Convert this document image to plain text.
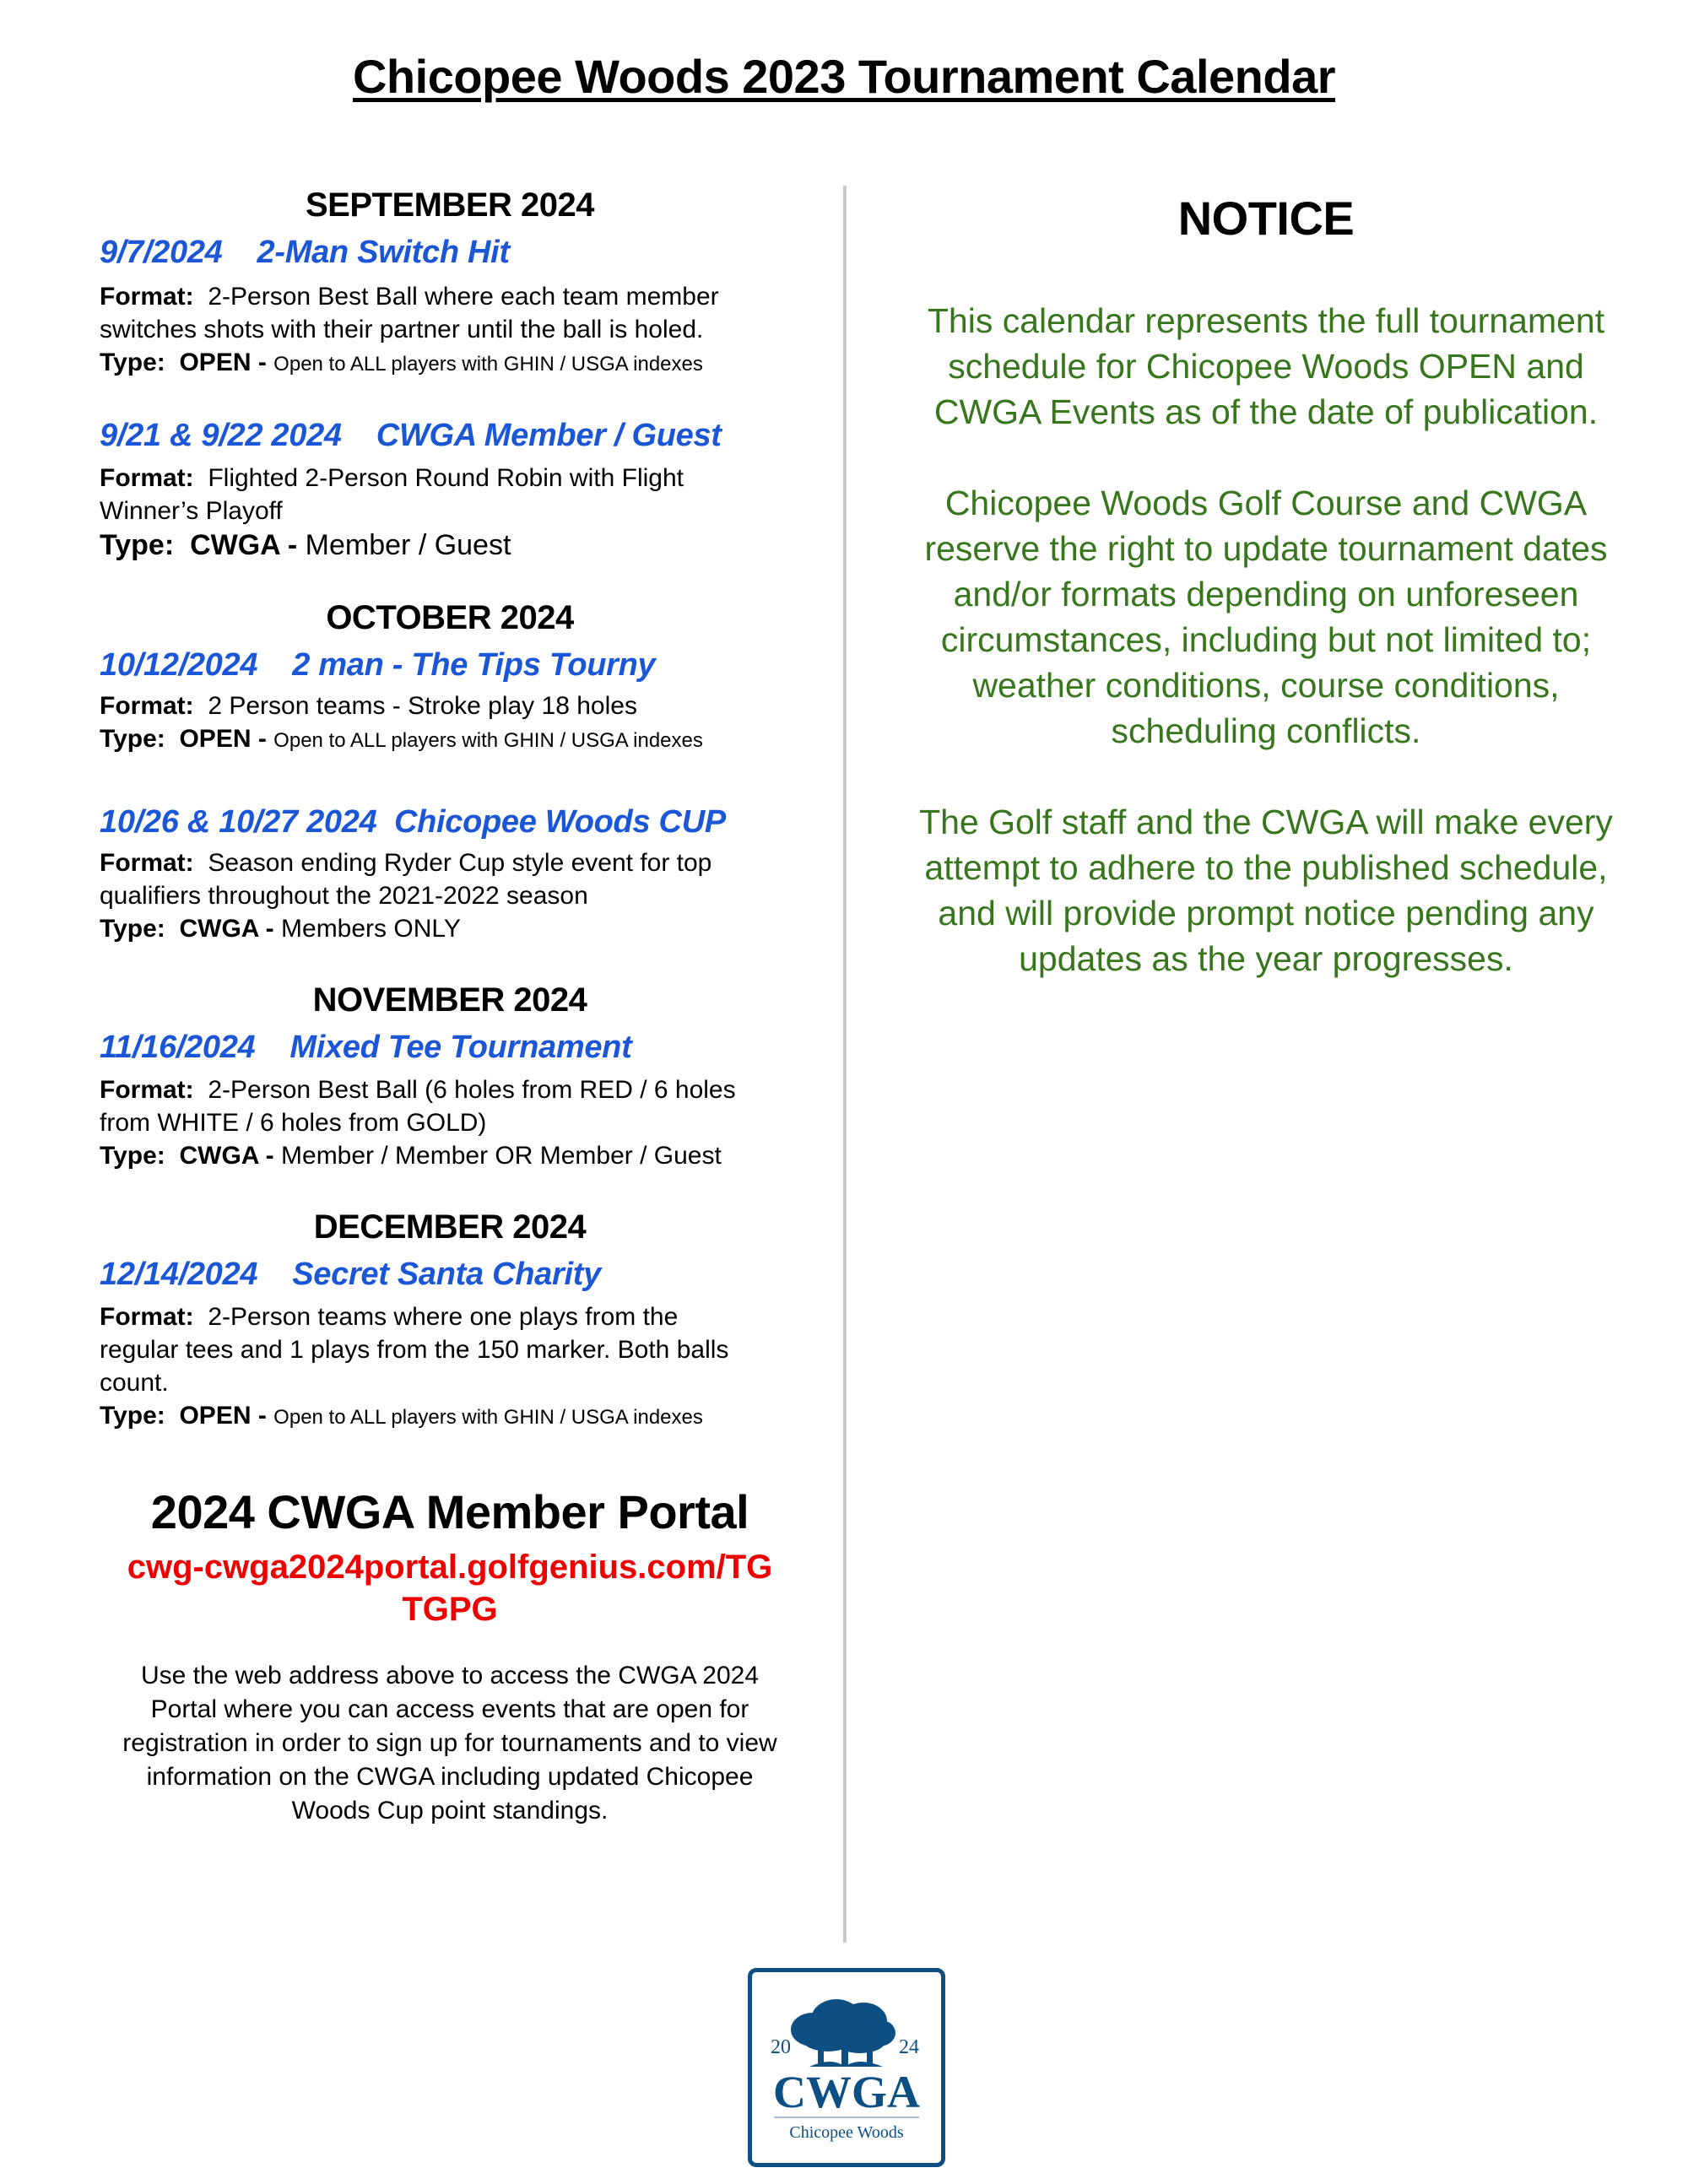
Chicopee Woods 2023 Tournament Calendar
SEPTEMBER 2024
9/7/2024    2-Man Switch Hit
Format: 2-Person Best Ball where each team member
switches shots with their partner until the ball is holed.
Type: OPEN - Open to ALL players with GHIN / USGA indexes
9/21 & 9/22 2024    CWGA Member / Guest
Format: Flighted 2-Person Round Robin with Flight
Winner’s Playoff
Type: CWGA - Member / Guest
OCTOBER 2024
10/12/2024    2 man - The Tips Tourny
Format: 2 Person teams - Stroke play 18 holes
Type: OPEN - Open to ALL players with GHIN / USGA indexes
10/26 & 10/27 2024  Chicopee Woods CUP
Format: Season ending Ryder Cup style event for top
qualifiers throughout the 2021-2022 season
Type: CWGA - Members ONLY
NOVEMBER 2024
11/16/2024    Mixed Tee Tournament
Format: 2-Person Best Ball (6 holes from RED / 6 holes
from WHITE / 6 holes from GOLD)
Type: CWGA - Member / Member OR Member / Guest
DECEMBER 2024
12/14/2024    Secret Santa Charity
Format: 2-Person teams where one plays from the
regular tees and 1 plays from the 150 marker. Both balls
count.
Type: OPEN - Open to ALL players with GHIN / USGA indexes
2024 CWGA Member Portal
cwg-cwga2024portal.golfgenius.com/TG
TGPG
Use the web address above to access the CWGA 2024 Portal where you can access events that are open for registration in order to sign up for tournaments and to view information on the CWGA including updated Chicopee Woods Cup point standings.
NOTICE
This calendar represents the full tournament schedule for Chicopee Woods OPEN and CWGA Events as of the date of publication.
Chicopee Woods Golf Course and CWGA reserve the right to update tournament dates and/or formats depending on unforeseen circumstances, including but not limited to; weather conditions, course conditions, scheduling conflicts.
The Golf staff and the CWGA will make every attempt to adhere to the published schedule, and will provide prompt notice pending any updates as the year progresses.
20	24
CWGA
Chicopee Woods
